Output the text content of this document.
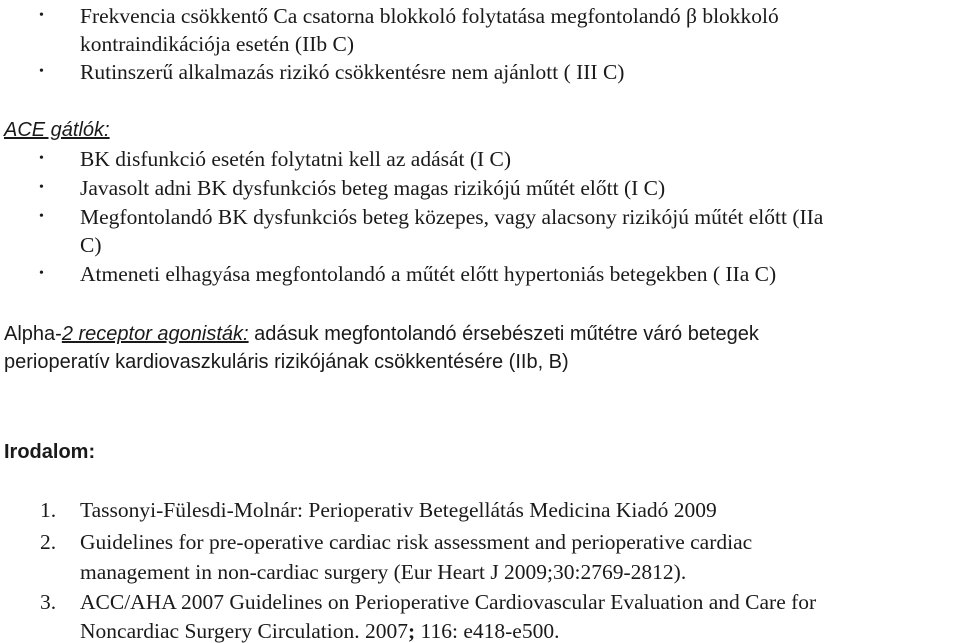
• Frekvencia csökkentő Ca csatorna blokkoló folytatása megfontolandó β blokkoló
kontraindikációja esetén (IIb C)
• Rutinszerű alkalmazás rizikó csökkentésre nem ajánlott ( III C)
ACE gátlók:
• BK disfunkció esetén folytatni kell az adását (I C)
• Javasolt adni BK dysfunkciós beteg magas rizikójú műtét előtt (I C)
• Megfontolandó BK dysfunkciós beteg közepes, vagy alacsony rizikójú műtét előtt (IIa
C)
• Atmeneti elhagyása megfontolandó a műtét előtt hypertoniás betegekben ( IIa C)
Alpha-2 receptor agonisták: adásuk megfontolandó érsebészeti műtétre váró betegek
perioperatív kardiovaszkuláris rizikójának csökkentésére (IIb, B)
Irodalom:
1. Tassonyi-Fülesdi-Molnár: Perioperativ Betegellátás Medicina Kiadó 2009
2. Guidelines for pre-operative cardiac risk assessment and perioperative cardiac
management in non-cardiac surgery (Eur Heart J 2009;30:2769-2812).
3. ACC/AHA 2007 Guidelines on Perioperative Cardiovascular Evaluation and Care for
Noncardiac Surgery Circulation. 2007; 116: e418-e500.
